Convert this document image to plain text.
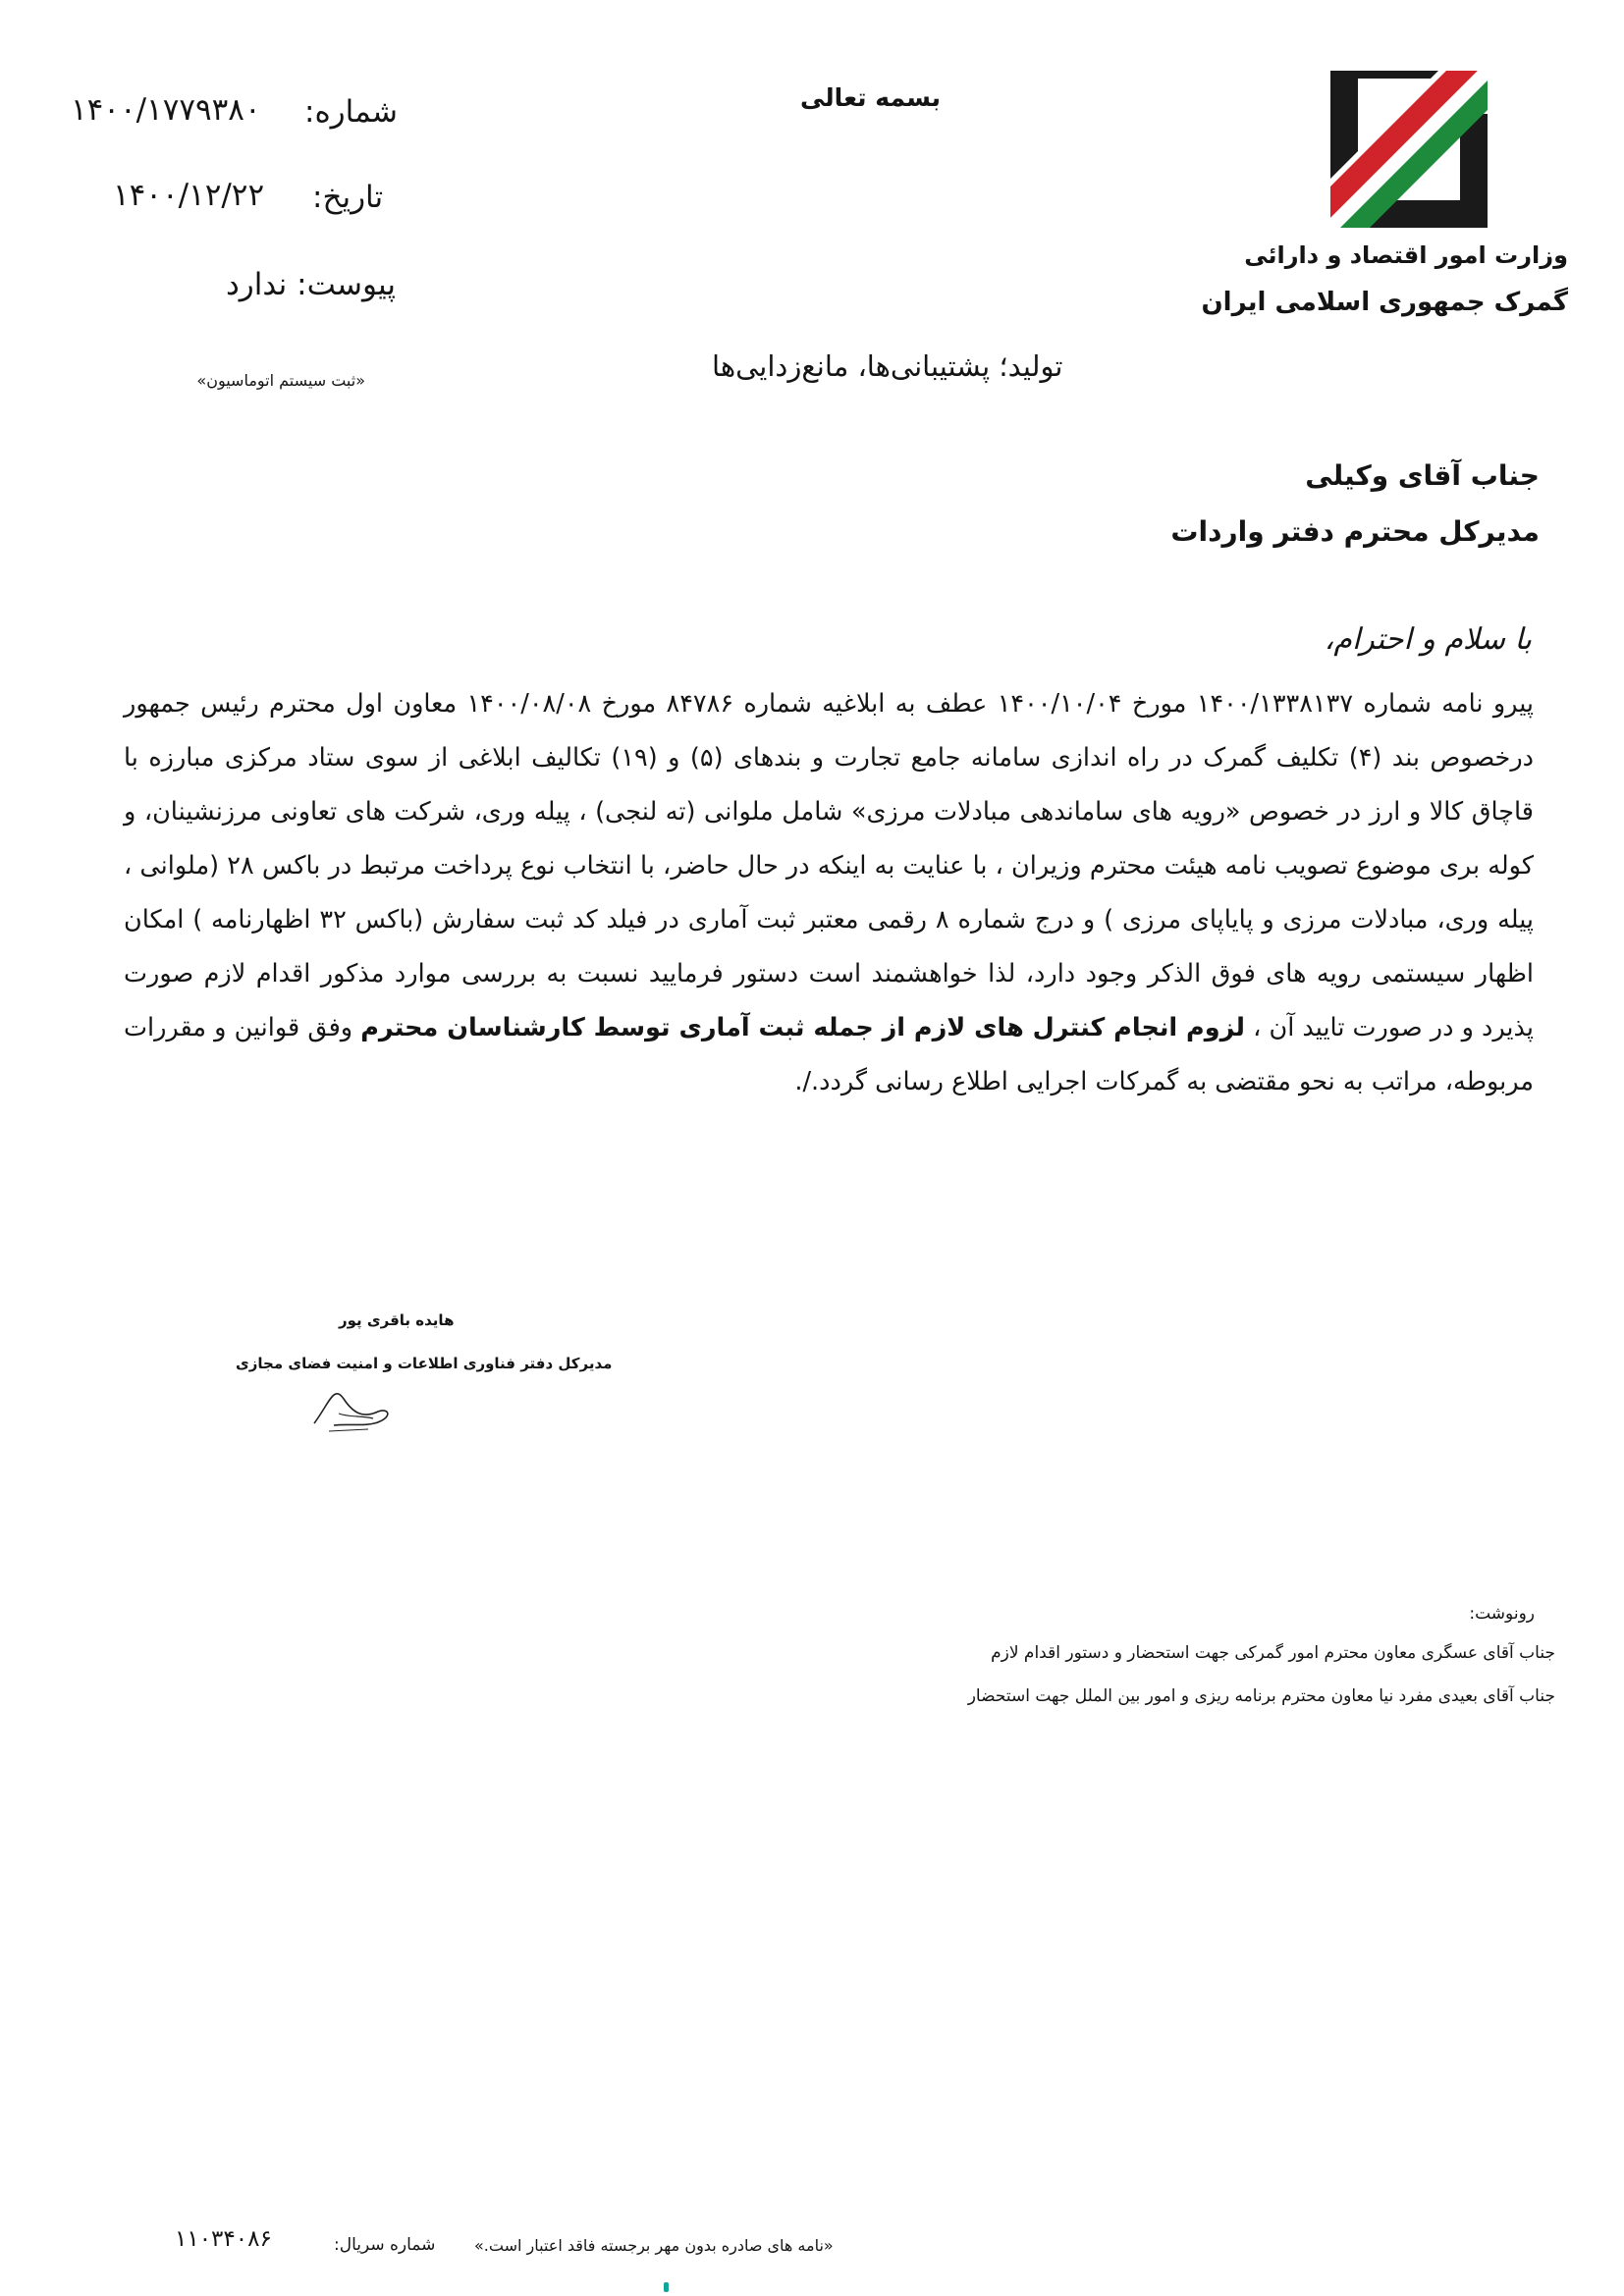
وزارت امور اقتصاد و دارائی
گمرک جمهوری اسلامی ایران
بسمه تعالی
شماره:
۱۴۰۰/۱۷۷۹۳۸۰
تاریخ:
۱۴۰۰/۱۲/۲۲
پیوست: ندارد
«ثبت سیستم اتوماسیون»	تولید؛ پشتیبانی‌ها، مانع‌زدایی‌ها
جناب آقای وکیلی
مدیرکل محترم دفتر واردات
با سلام و احترام،
پیرو نامه شماره ۱۴۰۰/۱۳۳۸۱۳۷ مورخ ۱۴۰۰/۱۰/۰۴ عطف به ابلاغیه شماره ۸۴۷۸۶ مورخ ۱۴۰۰/۰۸/۰۸ معاون اول محترم رئیس جمهور درخصوص بند (۴) تکلیف گمرک در راه اندازی سامانه جامع تجارت و بندهای (۵) و (۱۹) تکالیف ابلاغی از سوی ستاد مرکزی مبارزه با قاچاق کالا و ارز در خصوص «رویه های ساماندهی مبادلات مرزی» شامل ملوانی (ته لنجی) ، پیله وری، شرکت های تعاونی مرزنشینان، و کوله بری موضوع تصویب نامه هیئت محترم وزیران ، با عنایت به اینکه در حال حاضر، با انتخاب نوع پرداخت مرتبط در باکس ۲۸ (ملوانی ، پیله وری، مبادلات مرزی و پایاپای مرزی ) و درج شماره ۸ رقمی معتبر ثبت آماری در فیلد کد ثبت سفارش (باکس ۳۲ اظهارنامه ) امکان اظهار سیستمی رویه های فوق الذکر وجود دارد، لذا خواهشمند است دستور فرمایید نسبت به بررسی موارد مذکور اقدام لازم صورت پذیرد و در صورت تایید آن ، لزوم انجام کنترل های لازم از جمله ثبت آماری توسط کارشناسان محترم وفق قوانین و مقررات مربوطه، مراتب به نحو مقتضی به گمرکات اجرایی اطلاع رسانی گردد./.
هایده باقری پور
مدیرکل دفتر فناوری اطلاعات و امنیت فضای مجازی
رونوشت:
جناب آقای عسگری معاون محترم امور گمرکی جهت استحضار و دستور اقدام لازم
جناب آقای بعیدی مفرد نیا معاون محترم برنامه ریزی و امور بین الملل جهت استحضار
«نامه های صادره بدون مهر برجسته فاقد اعتبار است.»
شماره سریال:
۱۱۰۳۴۰۸۶
